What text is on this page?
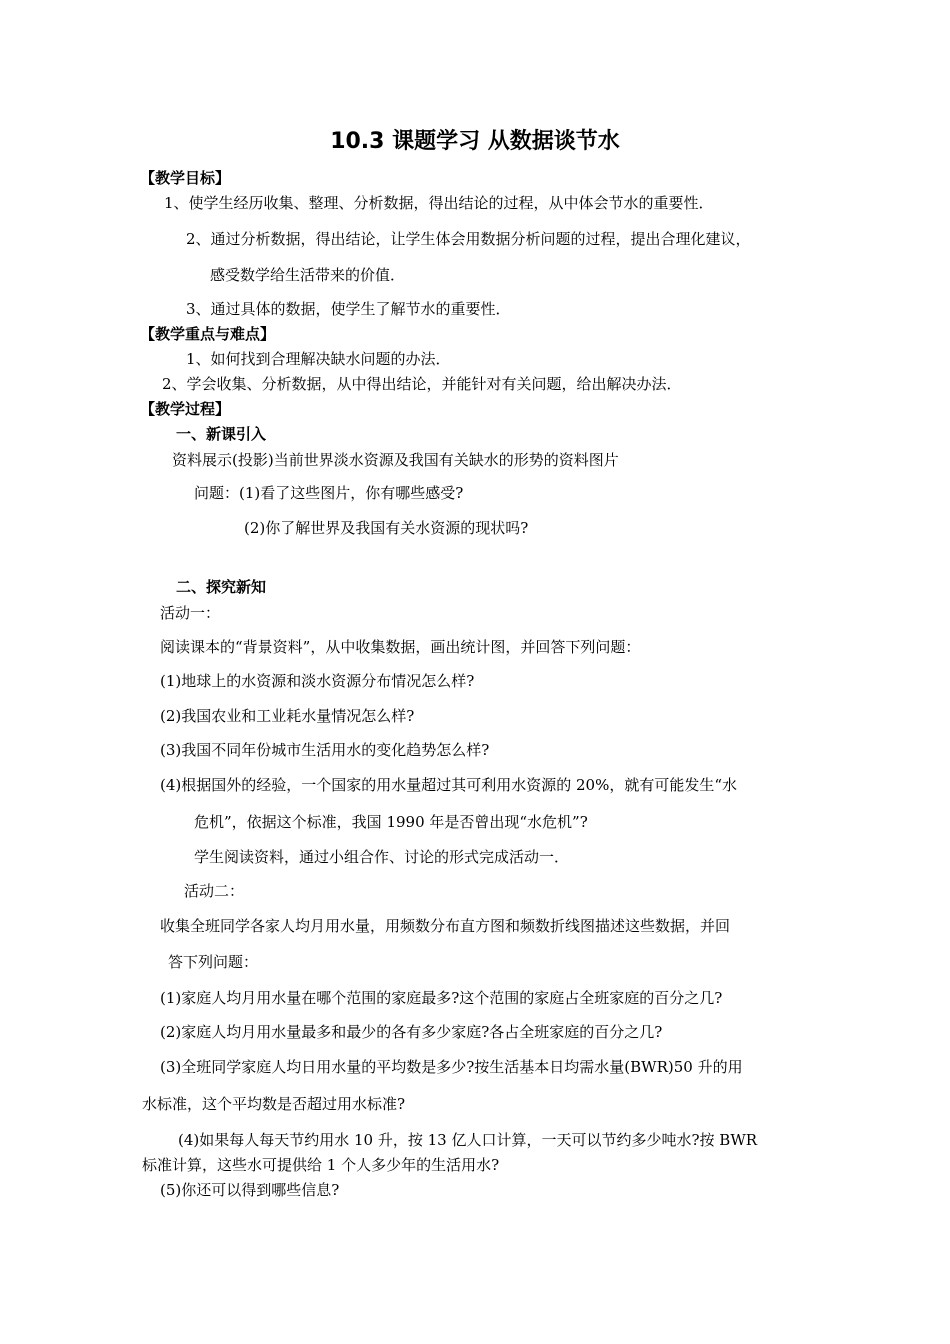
10.3 课题学习 从数据谈节水
【教学目标】
1、使学生经历收集、整理、分析数据，得出结论的过程，从中体会节水的重要性．
2、通过分析数据，得出结论，让学生体会用数据分析问题的过程，提出合理化建议，
感受数学给生活带来的价值．
3、通过具体的数据，使学生了解节水的重要性．
【教学重点与难点】
1、如何找到合理解决缺水问题的办法．
2、学会收集、分析数据，从中得出结论，并能针对有关问题，给出解决办法．
【教学过程】
一、新课引入
资料展示(投影)当前世界淡水资源及我国有关缺水的形势的资料图片
问题：(1)看了这些图片，你有哪些感受?
(2)你了解世界及我国有关水资源的现状吗?
二、探究新知
活动一：
阅读课本的“背景资料”，从中收集数据，画出统计图，并回答下列问题：
(1)地球上的水资源和淡水资源分布情况怎么样?
(2)我国农业和工业耗水量情况怎么样?
(3)我国不同年份城市生活用水的变化趋势怎么样?
(4)根据国外的经验，一个国家的用水量超过其可利用水资源的 20%，就有可能发生“水
危机”，依据这个标准，我国 1990 年是否曾出现“水危机”?
学生阅读资料，通过小组合作、讨论的形式完成活动一．
活动二：
收集全班同学各家人均月用水量，用频数分布直方图和频数折线图描述这些数据，并回
答下列问题：
(1)家庭人均月用水量在哪个范围的家庭最多?这个范围的家庭占全班家庭的百分之几?
(2)家庭人均月用水量最多和最少的各有多少家庭?各占全班家庭的百分之几?
(3)全班同学家庭人均日用水量的平均数是多少?按生活基本日均需水量(BWR)50 升的用
水标准，这个平均数是否超过用水标准?
(4)如果每人每天节约用水 10 升，按 13 亿人口计算，一天可以节约多少吨水?按 BWR
标准计算，这些水可提供给 1 个人多少年的生活用水?
(5)你还可以得到哪些信息?
